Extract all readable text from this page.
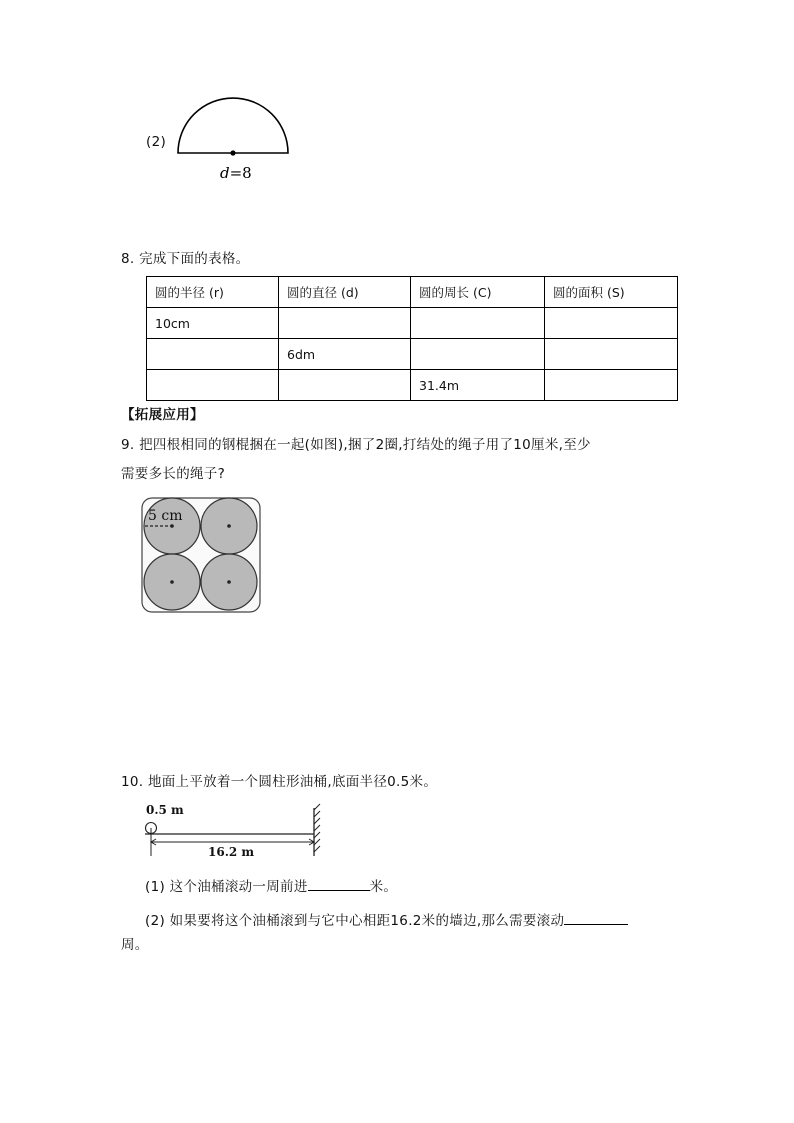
(2)
d=8
8. 完成下面的表格。
圆的半径 (r)	圆的直径 (d)	圆的周长 (C)	圆的面积 (S)
10cm			
	6dm		
		31.4m	
【拓展应用】
9. 把四根相同的钢棍捆在一起(如图),捆了2圈,打结处的绳子用了10厘米,至少
需要多长的绳子?
5 cm
10. 地面上平放着一个圆柱形油桶,底面半径0.5米。
0.5 m
16.2 m
(1) 这个油桶滚动一周前进	米。
(2) 如果要将这个油桶滚到与它中心相距16.2米的墙边,那么需要滚动
周。
